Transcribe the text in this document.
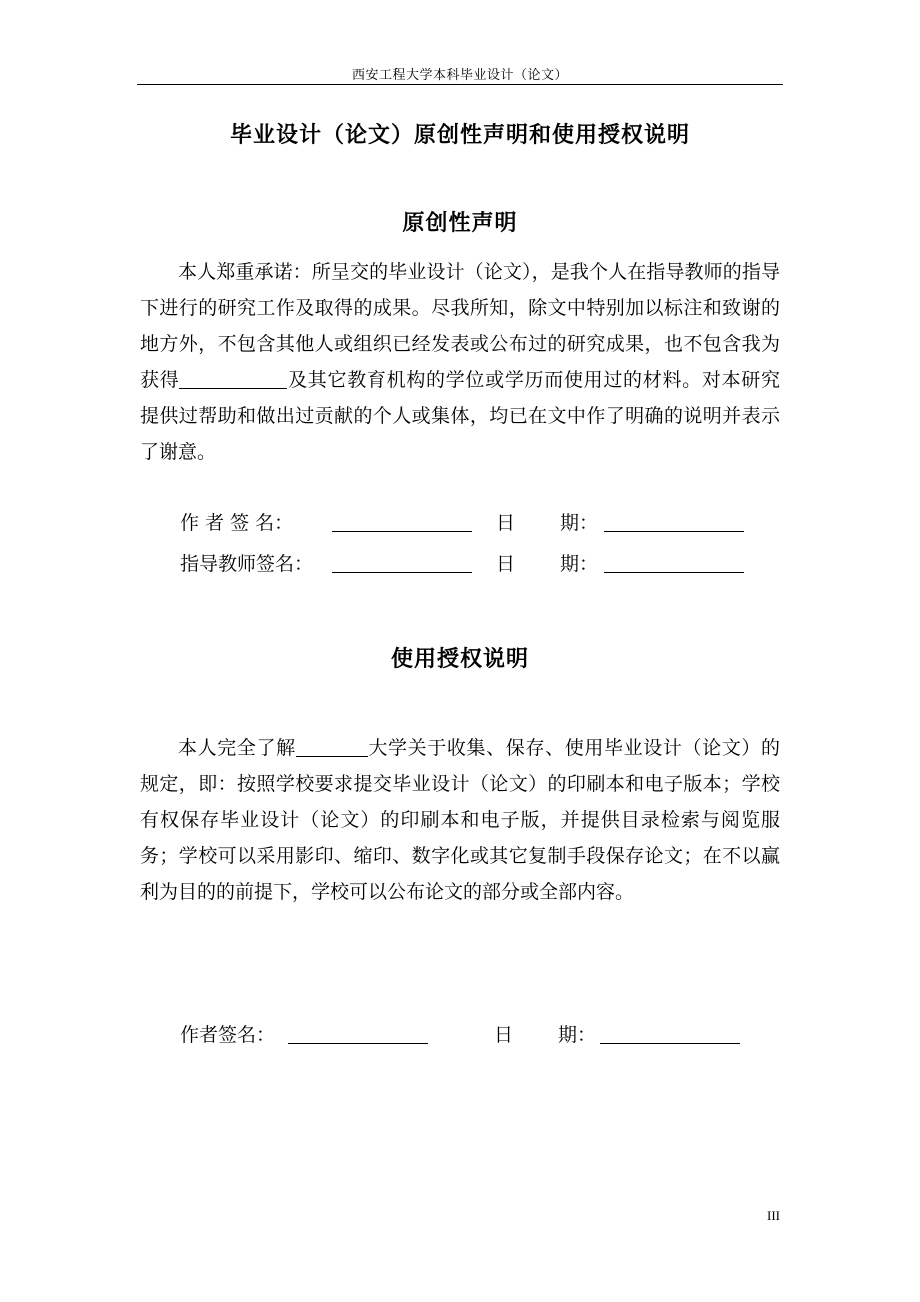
西安工程大学本科毕业设计（论文）
毕业设计（论文）原创性声明和使用授权说明
原创性声明
本人郑重承诺：所呈交的毕业设计（论文），是我个人在指导教师的指导下进行的研究工作及取得的成果。尽我所知，除文中特别加以标注和致谢的地方外，不包含其他人或组织已经发表或公布过的研究成果，也不包含我为获得	及其它教育机构的学位或学历而使用过的材料。对本研究提供过帮助和做出过贡献的个人或集体，均已在文中作了明确的说明并表示了谢意。
作 者 签 名：	日 期：
指导教师签名：	日 期：
使用授权说明
本人完全了解	大学关于收集、保存、使用毕业设计（论文）的规定，即：按照学校要求提交毕业设计（论文）的印刷本和电子版本；学校有权保存毕业设计（论文）的印刷本和电子版，并提供目录检索与阅览服务；学校可以采用影印、缩印、数字化或其它复制手段保存论文；在不以赢利为目的的前提下，学校可以公布论文的部分或全部内容。
作者签名：	日 期：
III
